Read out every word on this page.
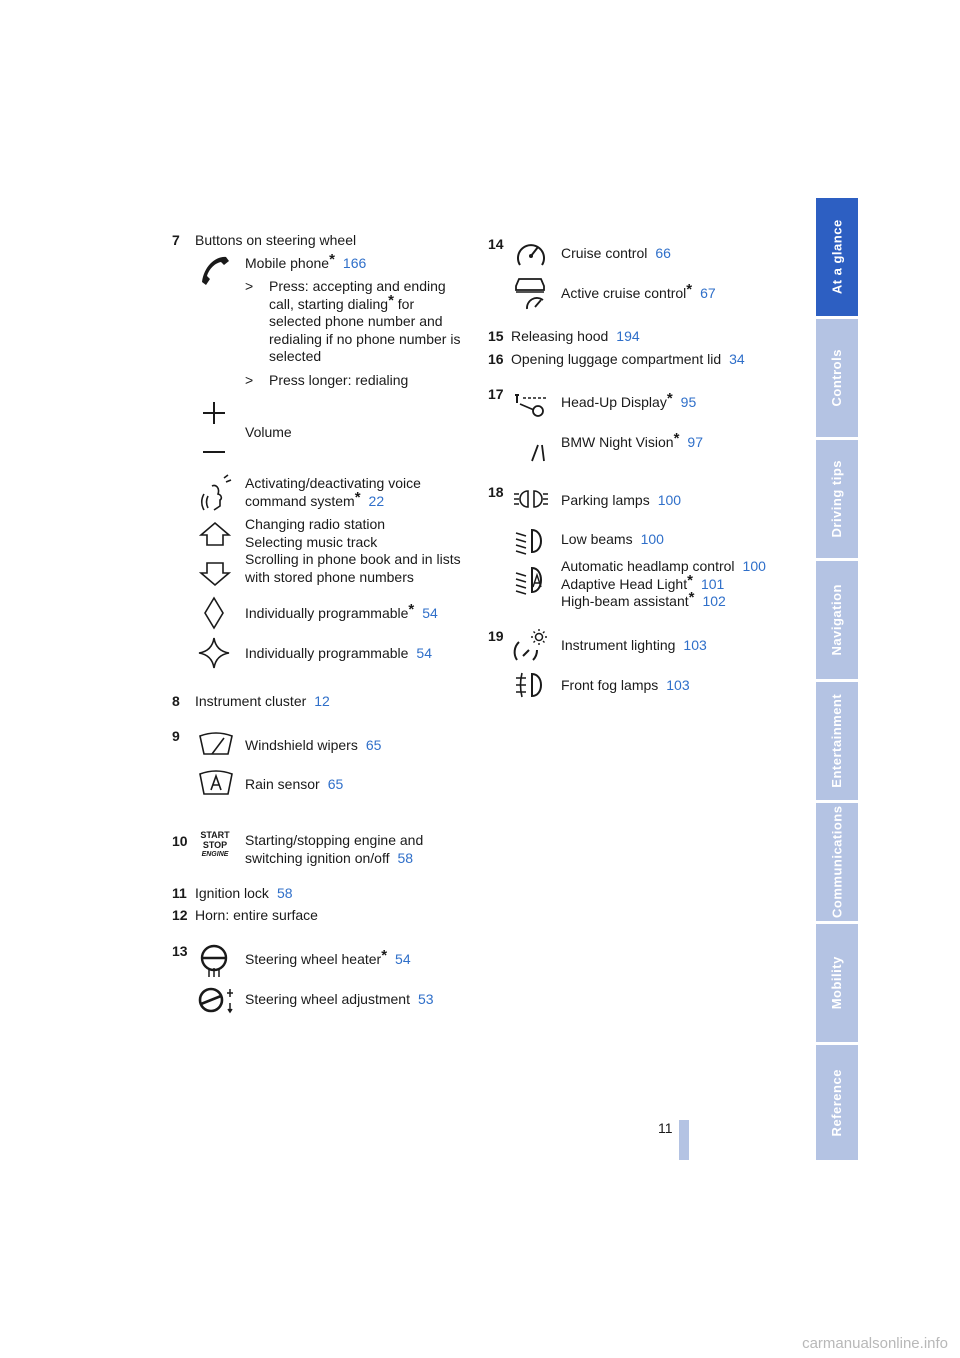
7 Buttons on steering wheel
Mobile phone* 166
> Press: accepting and ending
call, starting dialing* for
selected phone number and
redialing if no phone number is
selected
> Press longer: redialing
Volume
Activating/deactivating voice
command system* 22
Changing radio station
Selecting music track
Scrolling in phone book and in lists
with stored phone numbers
Individually programmable* 54
Individually programmable 54
8 Instrument cluster 12
9
Windshield wipers 65
Rain sensor 65
10	START
STOP
ENGINE
Starting/stopping engine and
switching ignition on/off 58
11 Ignition lock 58
12 Horn: entire surface
13	Steering wheel heater* 54
Steering wheel adjustment 53
14
Cruise control 66
Active cruise control* 67
15 Releasing hood 194
16 Opening luggage compartment lid 34
17	Head-Up Display* 95
BMW Night Vision* 97
18	Parking lamps 100
Low beams 100
Automatic headlamp control 100
Adaptive Head Light* 101
High-beam assistant* 102
19
Instrument lighting 103
Front fog lamps 103
At a glance
Controls
Driving tips
Navigation
Entertainment
Communications
Mobility
Reference
11
carmanualsonline.info
